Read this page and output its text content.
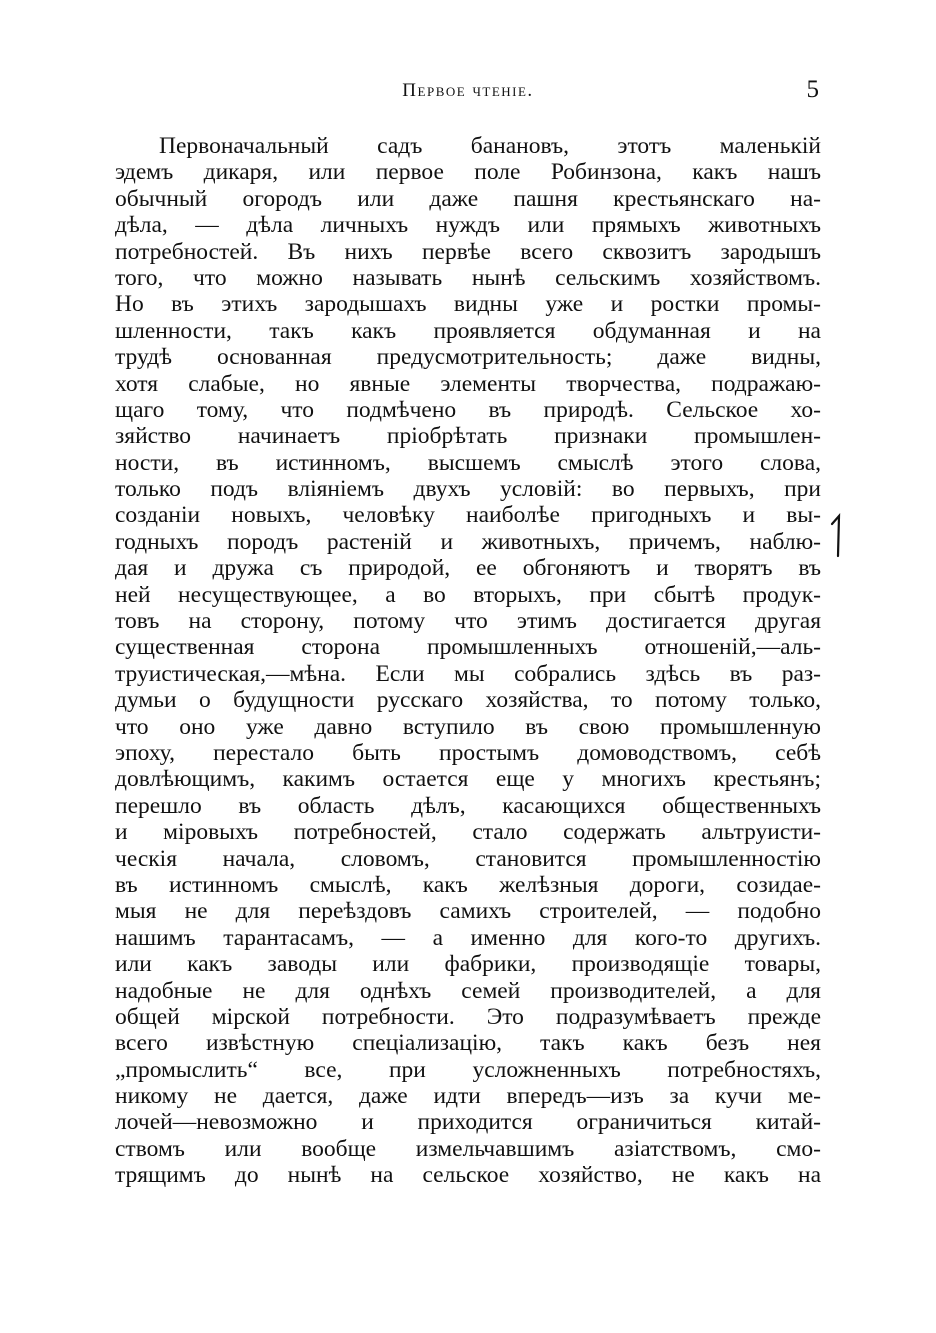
Первое чтеніе.	5
Первоначальный садъ банановъ, этотъ маленькій
эдемъ дикаря, или первое поле Робинзона, какъ нашъ
обычный огородъ или даже пашня крестьянскаго на-
дѣла, — дѣла личныхъ нуждъ или прямыхъ животныхъ
потребностей. Въ нихъ первѣе всего сквозитъ зародышъ
того, что можно называть нынѣ сельскимъ хозяйствомъ.
Но въ этихъ зародышахъ видны уже и ростки промы-
шленности, такъ какъ проявляется обдуманная и на
трудѣ основанная предусмотрительность; даже видны,
хотя слабые, но явные элементы творчества, подражаю-
щаго тому, что подмѣчено въ природѣ. Сельское хо-
зяйство начинаетъ пріобрѣтать признаки промышлен-
ности, въ истинномъ, высшемъ смыслѣ этого слова,
только подъ вліяніемъ двухъ условій: во первыхъ, при
созданіи новыхъ, человѣку наиболѣе пригодныхъ и вы-
годныхъ породъ растеній и животныхъ, причемъ, наблю-
дая и дружа съ природой, ее обгоняютъ и творятъ въ
ней несуществующее, а во вторыхъ, при сбытѣ продук-
товъ на сторону, потому что этимъ достигается другая
существенная сторона промышленныхъ отношеній,—аль-
труистическая,—мѣна. Если мы собрались здѣсь въ раз-
думьи о будущности русскаго хозяйства, то потому только,
что оно уже давно вступило въ свою промышленную
эпоху, перестало быть простымъ домоводствомъ, себѣ
довлѣющимъ, какимъ остается еще у многихъ крестьянъ;
перешло въ область дѣлъ, касающихся общественныхъ
и міровыхъ потребностей, стало содержать альтруисти-
ческія начала, словомъ, становится промышленностію
въ истинномъ смыслѣ, какъ желѣзныя дороги, созидае-
мыя не для переѣздовъ самихъ строителей, — подобно
нашимъ тарантасамъ, — а именно для кого-то другихъ.
или какъ заводы или фабрики, производящіе товары,
надобные не для однѣхъ семей производителей, а для
общей мірской потребности. Это подразумѣваетъ прежде
всего извѣстную спеціализацію, такъ какъ безъ нея
„промыслить“ все, при усложненныхъ потребностяхъ,
никому не дается, даже идти впередъ—изъ за кучи ме-
лочей—невозможно и приходится ограничиться китай-
ствомъ или вообще измельчавшимъ азіатствомъ, смо-
трящимъ до нынѣ на сельское хозяйство, не какъ на
